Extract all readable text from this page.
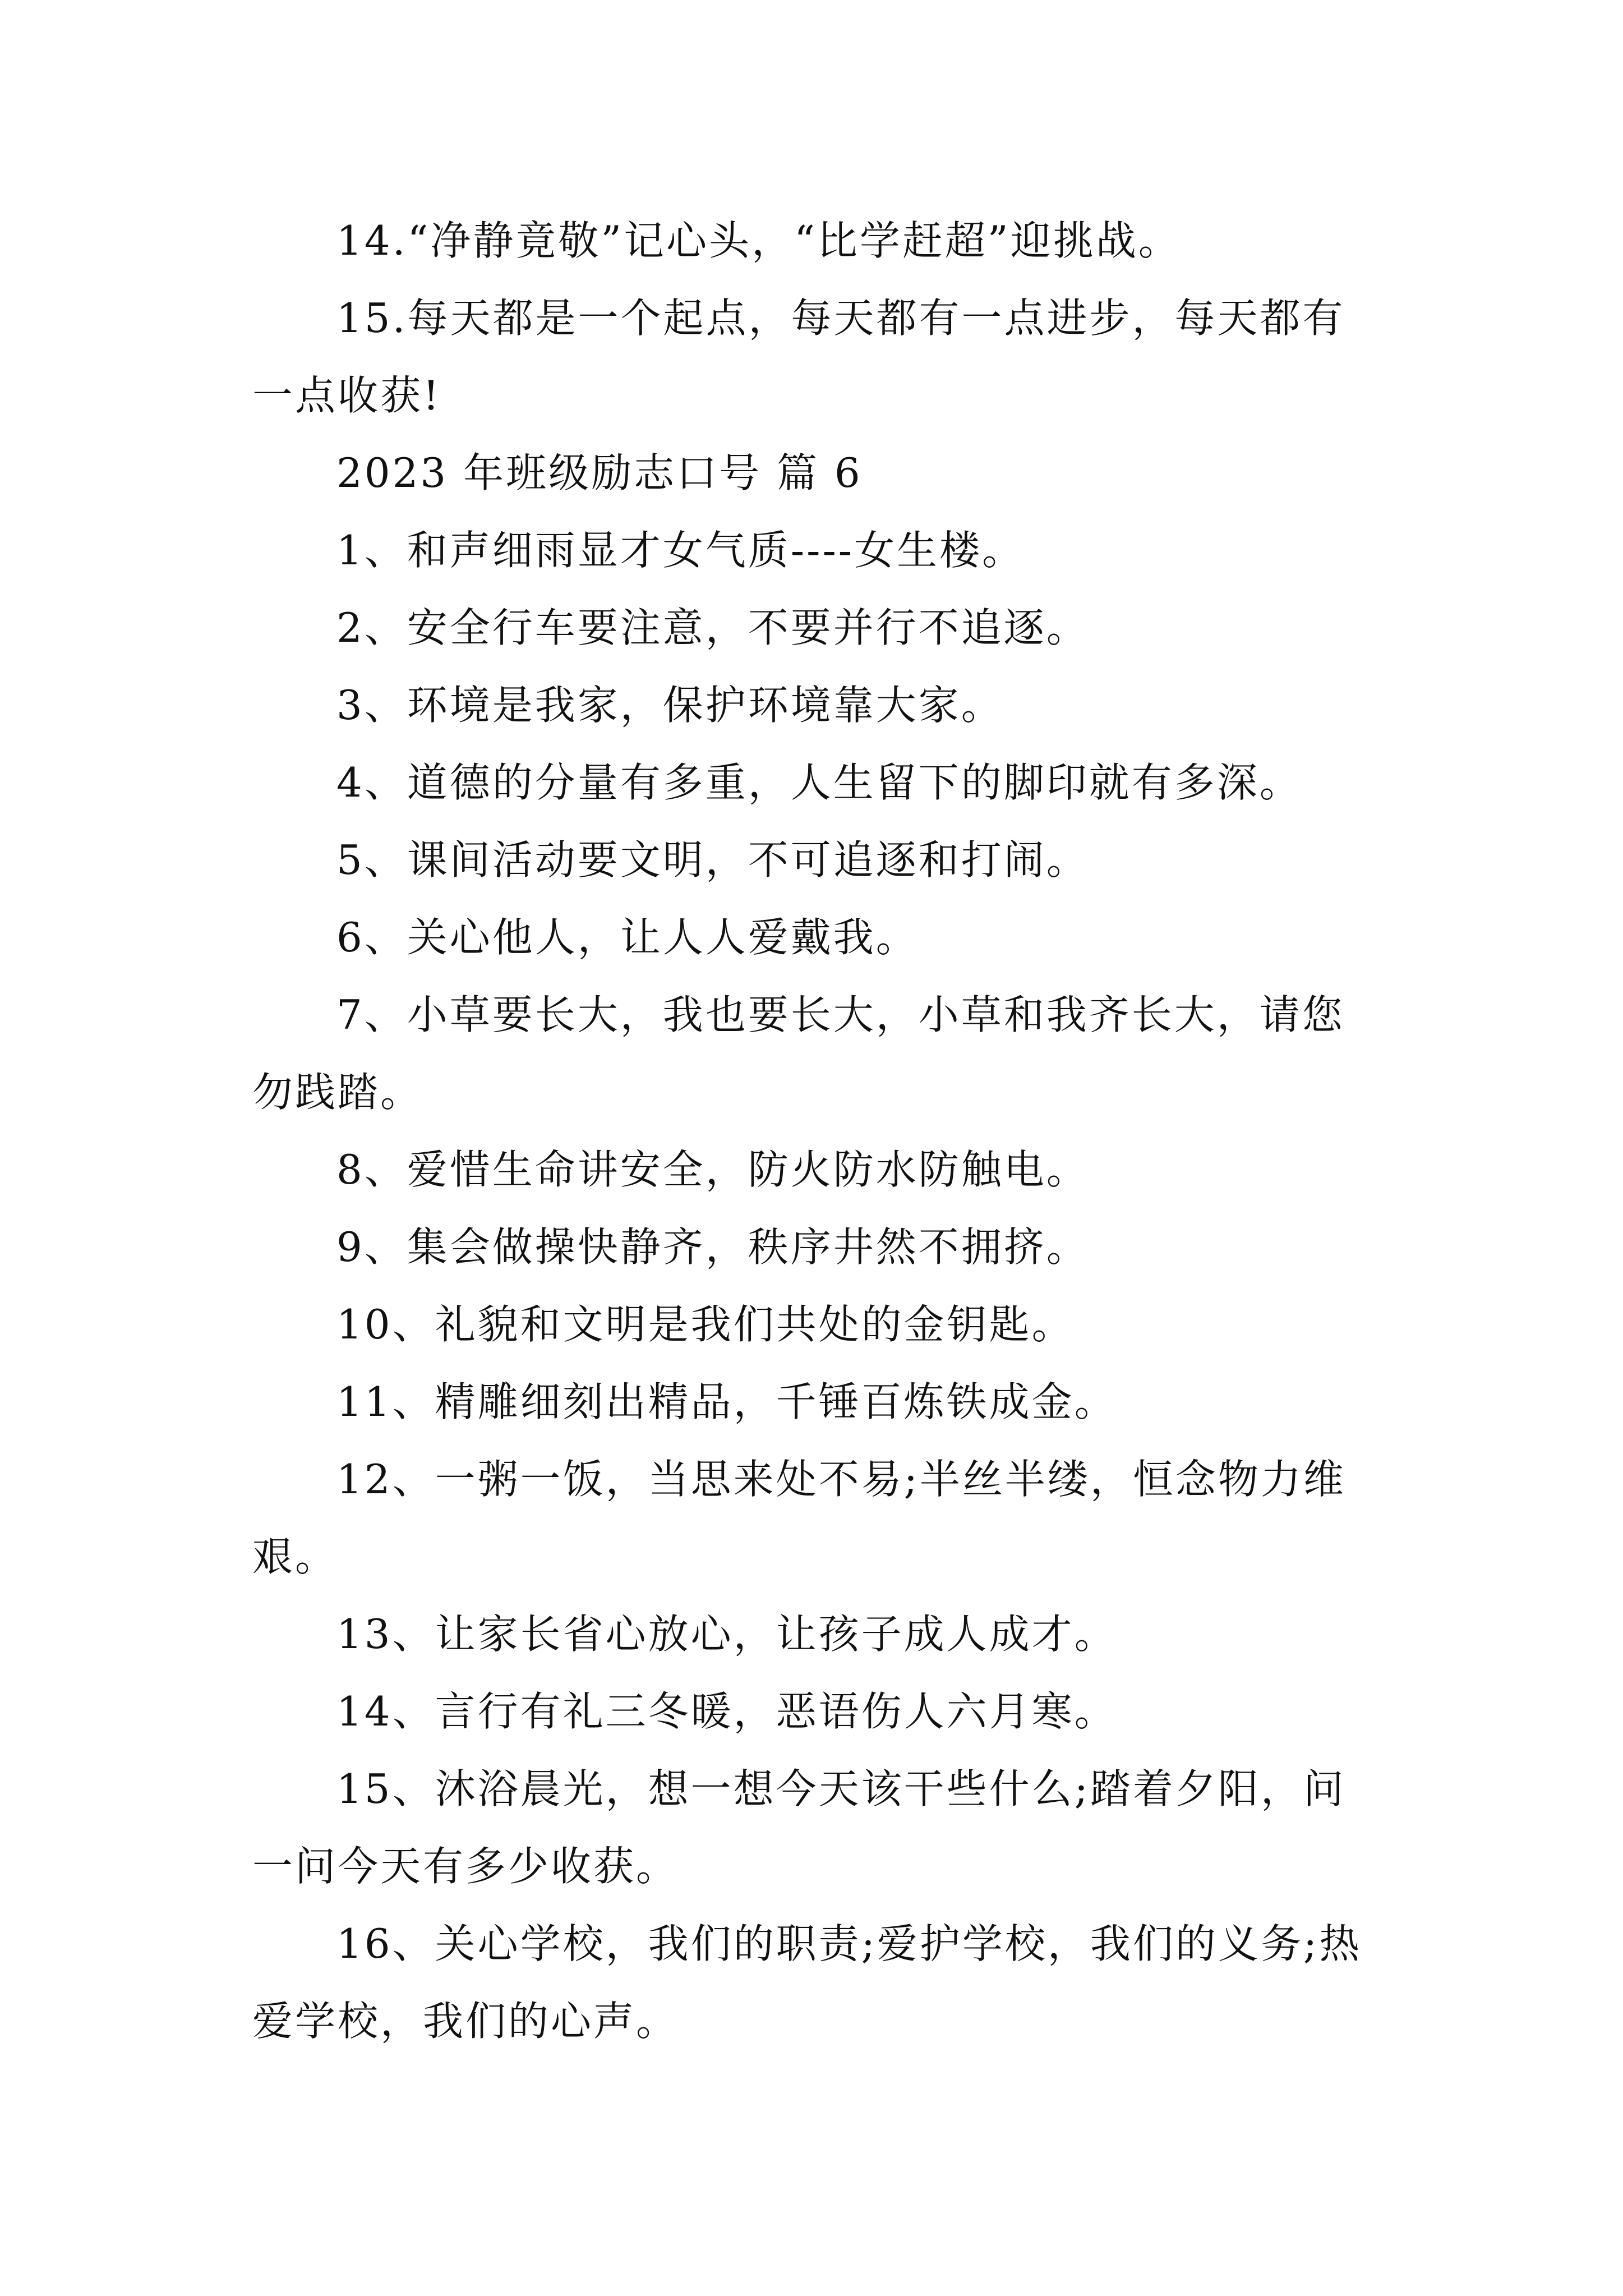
14.“净静竟敬”记心头，“比学赶超”迎挑战。

15.每天都是一个起点，每天都有一点进步，每天都有一点收获!

2023 年班级励志口号 篇 6

1、和声细雨显才女气质----女生楼。

2、安全行车要注意，不要并行不追逐。

3、环境是我家，保护环境靠大家。

4、道德的分量有多重，人生留下的脚印就有多深。

5、课间活动要文明，不可追逐和打闹。

6、关心他人，让人人爱戴我。

7、小草要长大，我也要长大，小草和我齐长大，请您勿践踏。

8、爱惜生命讲安全，防火防水防触电。

9、集会做操快静齐，秩序井然不拥挤。

10、礼貌和文明是我们共处的金钥匙。

11、精雕细刻出精品，千锤百炼铁成金。

12、一粥一饭，当思来处不易;半丝半缕，恒念物力维艰。

13、让家长省心放心，让孩子成人成才。

14、言行有礼三冬暖，恶语伤人六月寒。

15、沐浴晨光，想一想今天该干些什么;踏着夕阳，问一问今天有多少收获。

16、关心学校，我们的职责;爱护学校，我们的义务;热爱学校，我们的心声。
